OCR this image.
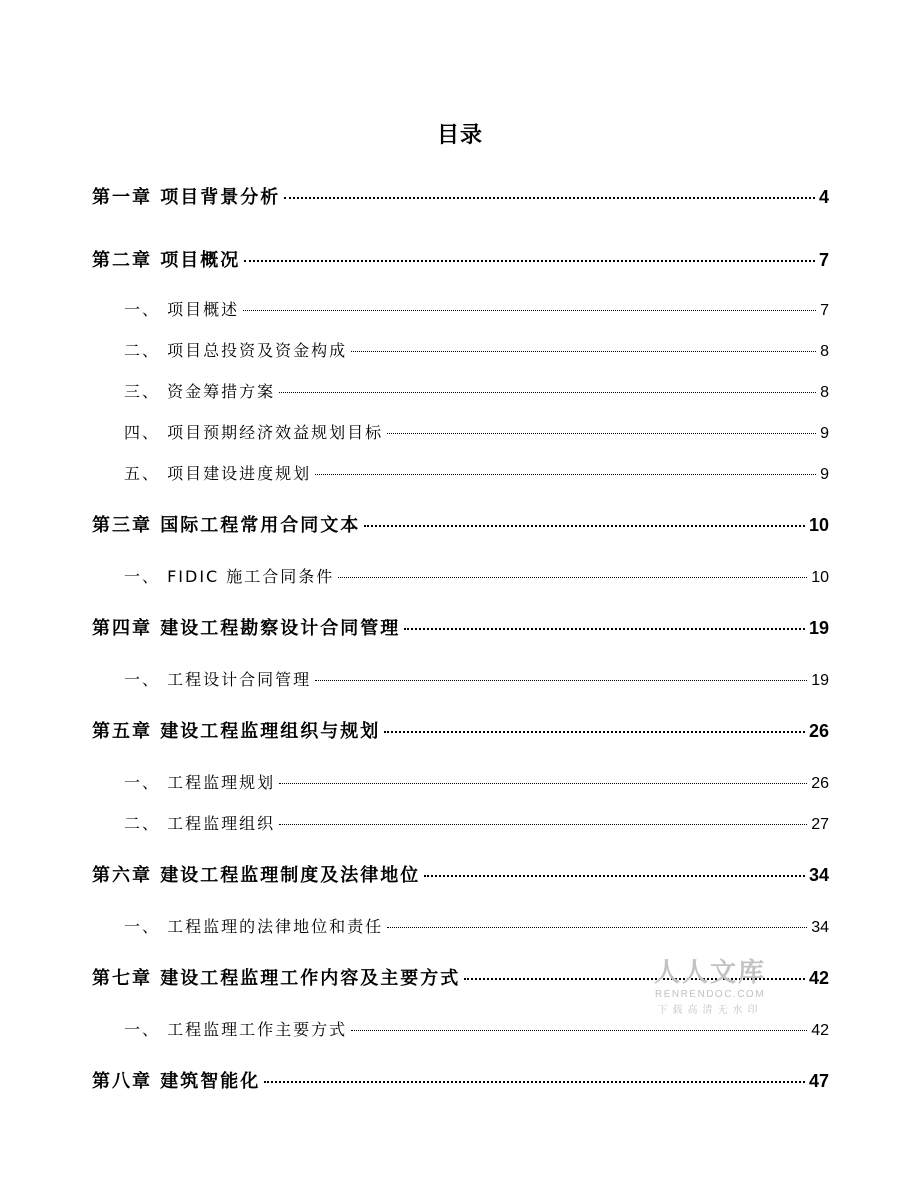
目录
第一章 项目背景分析	4
第二章 项目概况	7
一、 项目概述	7
二、 项目总投资及资金构成	8
三、 资金筹措方案	8
四、 项目预期经济效益规划目标	9
五、 项目建设进度规划	9
第三章 国际工程常用合同文本	10
一、 FIDIC 施工合同条件	10
第四章 建设工程勘察设计合同管理	19
一、 工程设计合同管理	19
第五章 建设工程监理组织与规划	26
一、 工程监理规划	26
二、 工程监理组织	27
第六章 建设工程监理制度及法律地位	34
一、 工程监理的法律地位和责任	34
第七章 建设工程监理工作内容及主要方式	42
一、 工程监理工作主要方式	42
第八章 建筑智能化	47
人人文库
RENRENDOC.COM
下载高清无水印
